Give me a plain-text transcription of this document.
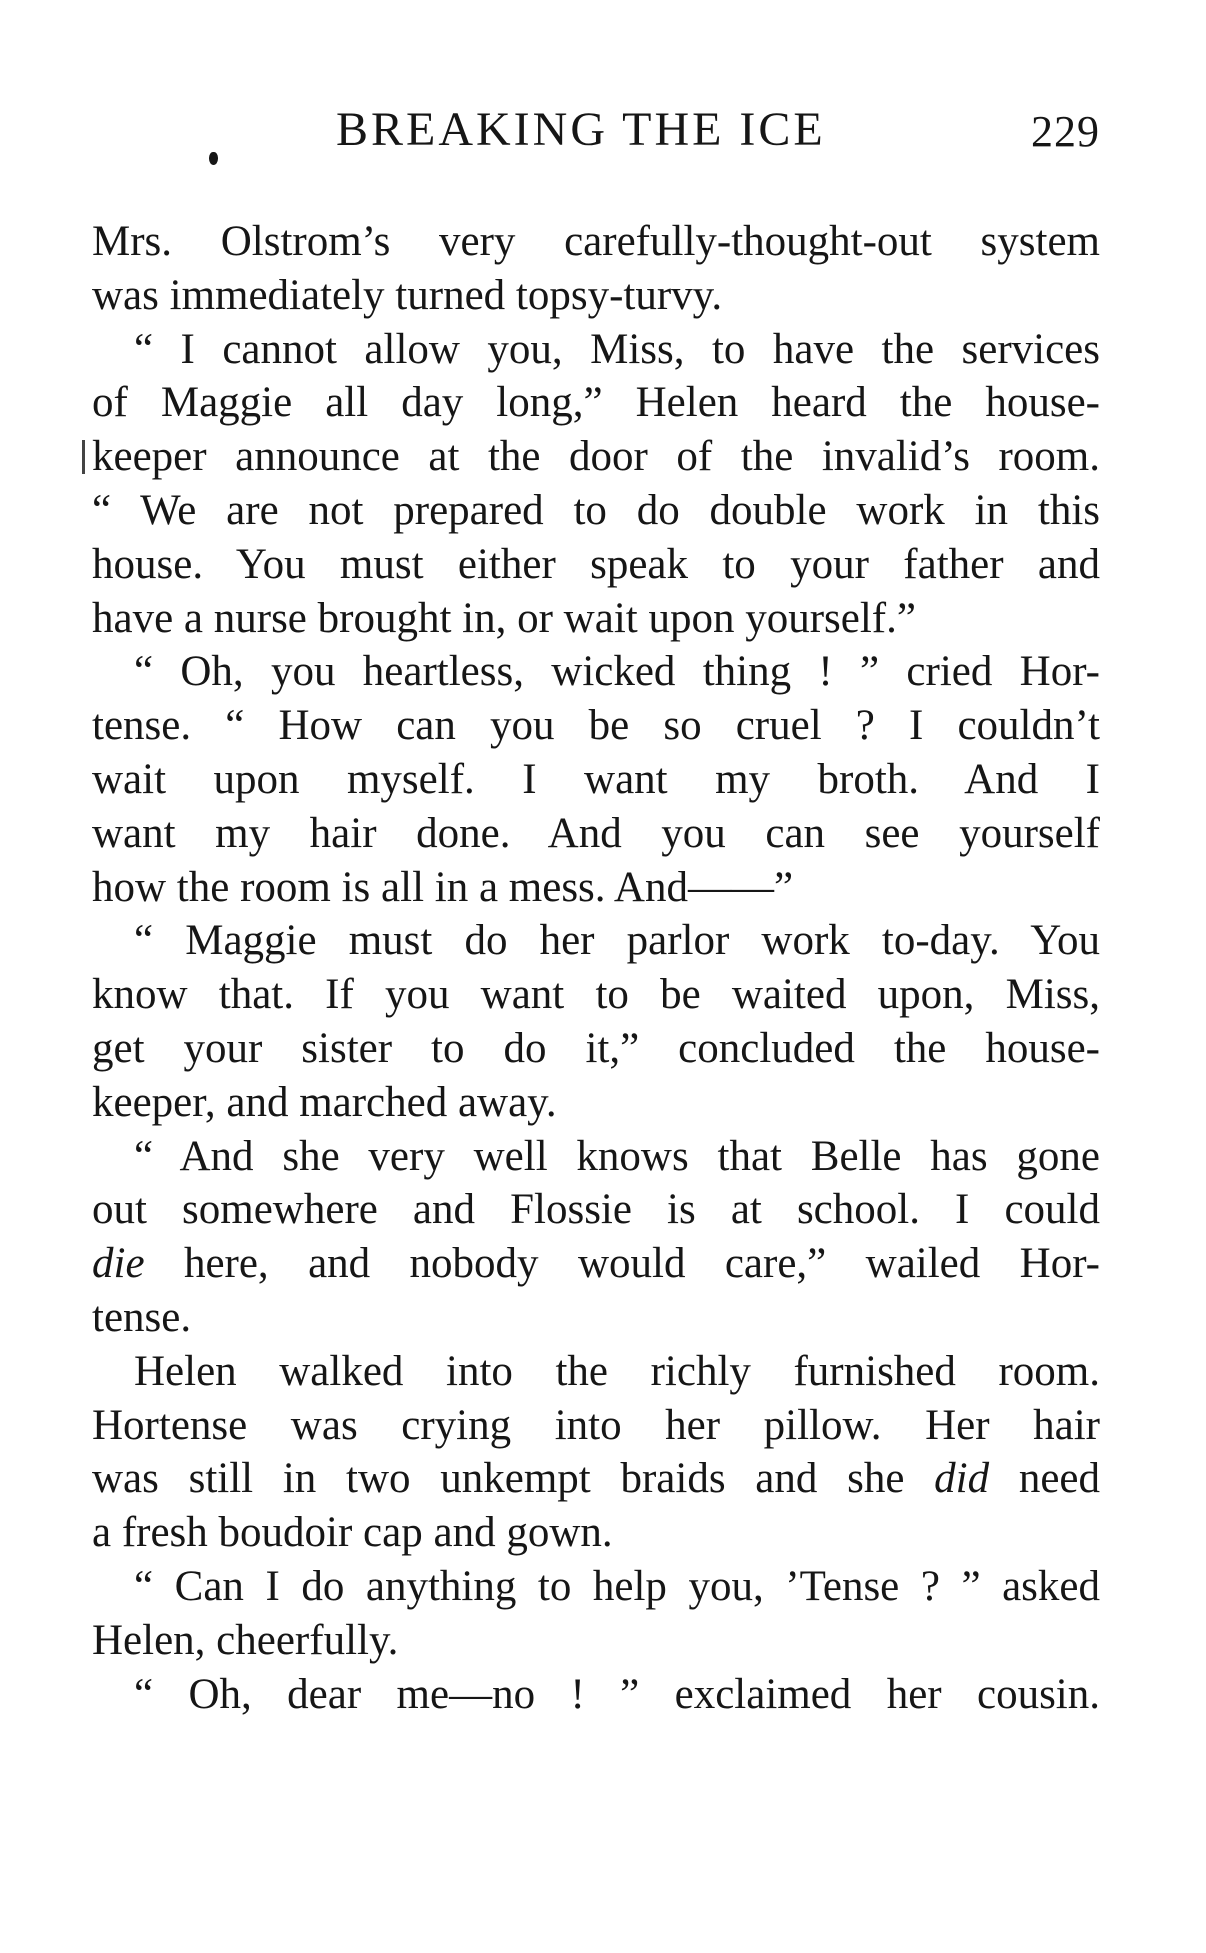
BREAKING THE ICE	229
Mrs. Olstrom’s very carefully-thought-out system
was immediately turned topsy-turvy.
“ I cannot allow you, Miss, to have the services
of Maggie all day long,” Helen heard the house-
keeper announce at the door of the invalid’s room.
“ We are not prepared to do double work in this
house. You must either speak to your father and
have a nurse brought in, or wait upon yourself.”
“ Oh, you heartless, wicked thing ! ” cried Hor-
tense. “ How can you be so cruel ? I couldn’t
wait upon myself. I want my broth. And I
want my hair done. And you can see yourself
how the room is all in a mess. And——”
“ Maggie must do her parlor work to-day. You
know that. If you want to be waited upon, Miss,
get your sister to do it,” concluded the house-
keeper, and marched away.
“ And she very well knows that Belle has gone
out somewhere and Flossie is at school. I could
die here, and nobody would care,” wailed Hor-
tense.
Helen walked into the richly furnished room.
Hortense was crying into her pillow. Her hair
was still in two unkempt braids and she did need
a fresh boudoir cap and gown.
“ Can I do anything to help you, ’Tense ? ” asked
Helen, cheerfully.
“ Oh, dear me—no ! ” exclaimed her cousin.
